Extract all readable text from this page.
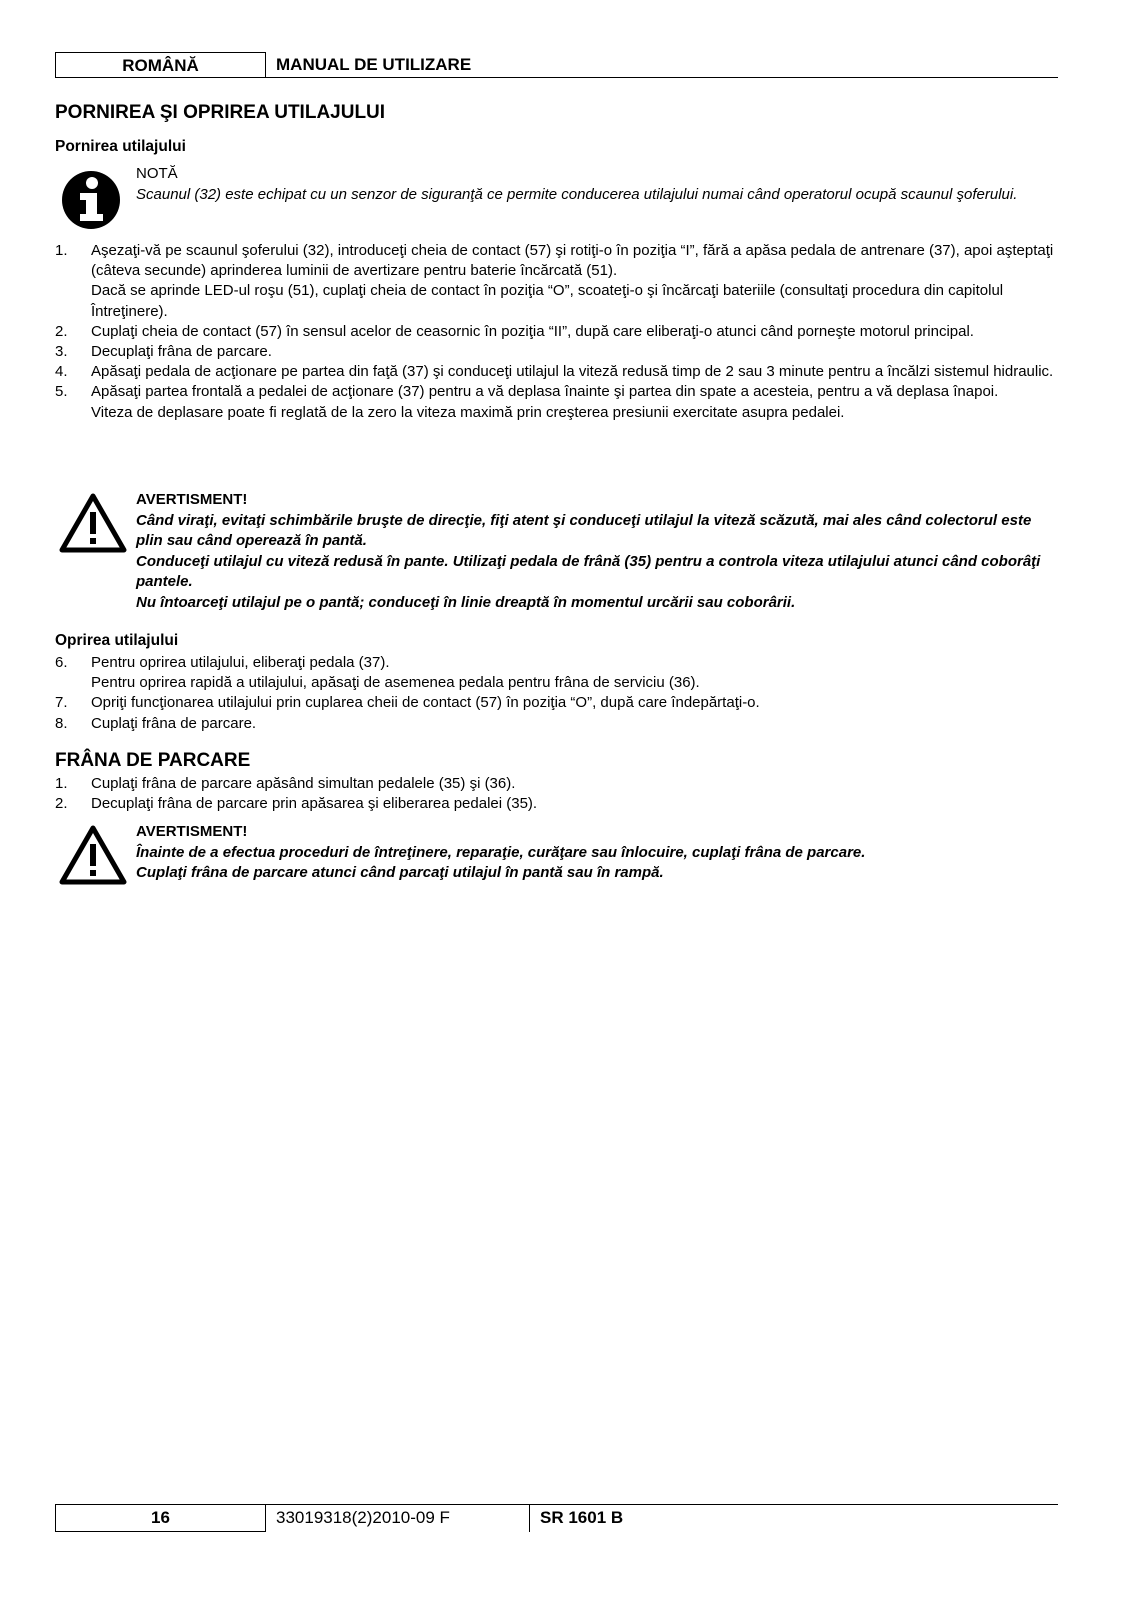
ROMÂNĂ	MANUAL DE UTILIZARE
PORNIREA ŞI OPRIREA UTILAJULUI
Pornirea utilajului
NOTĂ
Scaunul (32) este echipat cu un senzor de siguranţă ce permite conducerea utilajului numai când operatorul ocupă scaunul şoferului.
1. Aşezaţi-vă pe scaunul şoferului (32), introduceţi cheia de contact (57) şi rotiţi-o în poziţia “I”, fără a apăsa pedala de antrenare (37), apoi aşteptaţi (câteva secunde) aprinderea luminii de avertizare pentru baterie încărcată (51).
Dacă se aprinde LED-ul roşu (51), cuplaţi cheia de contact în poziţia “O”, scoateţi-o şi încărcaţi bateriile (consultaţi procedura din capitolul Întreţinere).
2. Cuplaţi cheia de contact (57) în sensul acelor de ceasornic în poziţia “II”, după care eliberaţi-o atunci când porneşte motorul principal.
3. Decuplaţi frâna de parcare.
4. Apăsaţi pedala de acţionare pe partea din faţă (37) şi conduceţi utilajul la viteză redusă timp de 2 sau 3 minute pentru a încălzi sistemul hidraulic.
5. Apăsaţi partea frontală a pedalei de acţionare (37) pentru a vă deplasa înainte şi partea din spate a acesteia, pentru a vă deplasa înapoi.
Viteza de deplasare poate fi reglată de la zero la viteza maximă prin creşterea presiunii exercitate asupra pedalei.
AVERTISMENT!
Când viraţi, evitaţi schimbările bruşte de direcţie, fiţi atent şi conduceţi utilajul la viteză scăzută, mai ales când colectorul este plin sau când operează în pantă.
Conduceţi utilajul cu viteză redusă în pante. Utilizaţi pedala de frână (35) pentru a controla viteza utilajului atunci când coborâţi pantele.
Nu întoarceţi utilajul pe o pantă; conduceţi în linie dreaptă în momentul urcării sau coborârii.
Oprirea utilajului
6. Pentru oprirea utilajului, eliberaţi pedala (37).
Pentru oprirea rapidă a utilajului, apăsaţi de asemenea pedala pentru frâna de serviciu (36).
7. Opriţi funcţionarea utilajului prin cuplarea cheii de contact (57) în poziţia “O”, după care îndepărtaţi-o.
8. Cuplaţi frâna de parcare.
FRÂNA DE PARCARE
1. Cuplaţi frâna de parcare apăsând simultan pedalele (35) şi (36).
2. Decuplaţi frâna de parcare prin apăsarea şi eliberarea pedalei (35).
AVERTISMENT!
Înainte de a efectua proceduri de întreţinere, reparaţie, curăţare sau înlocuire, cuplaţi frâna de parcare.
Cuplaţi frâna de parcare atunci când parcaţi utilajul în pantă sau în rampă.
16	33019318(2)2010-09 F	SR 1601 B
